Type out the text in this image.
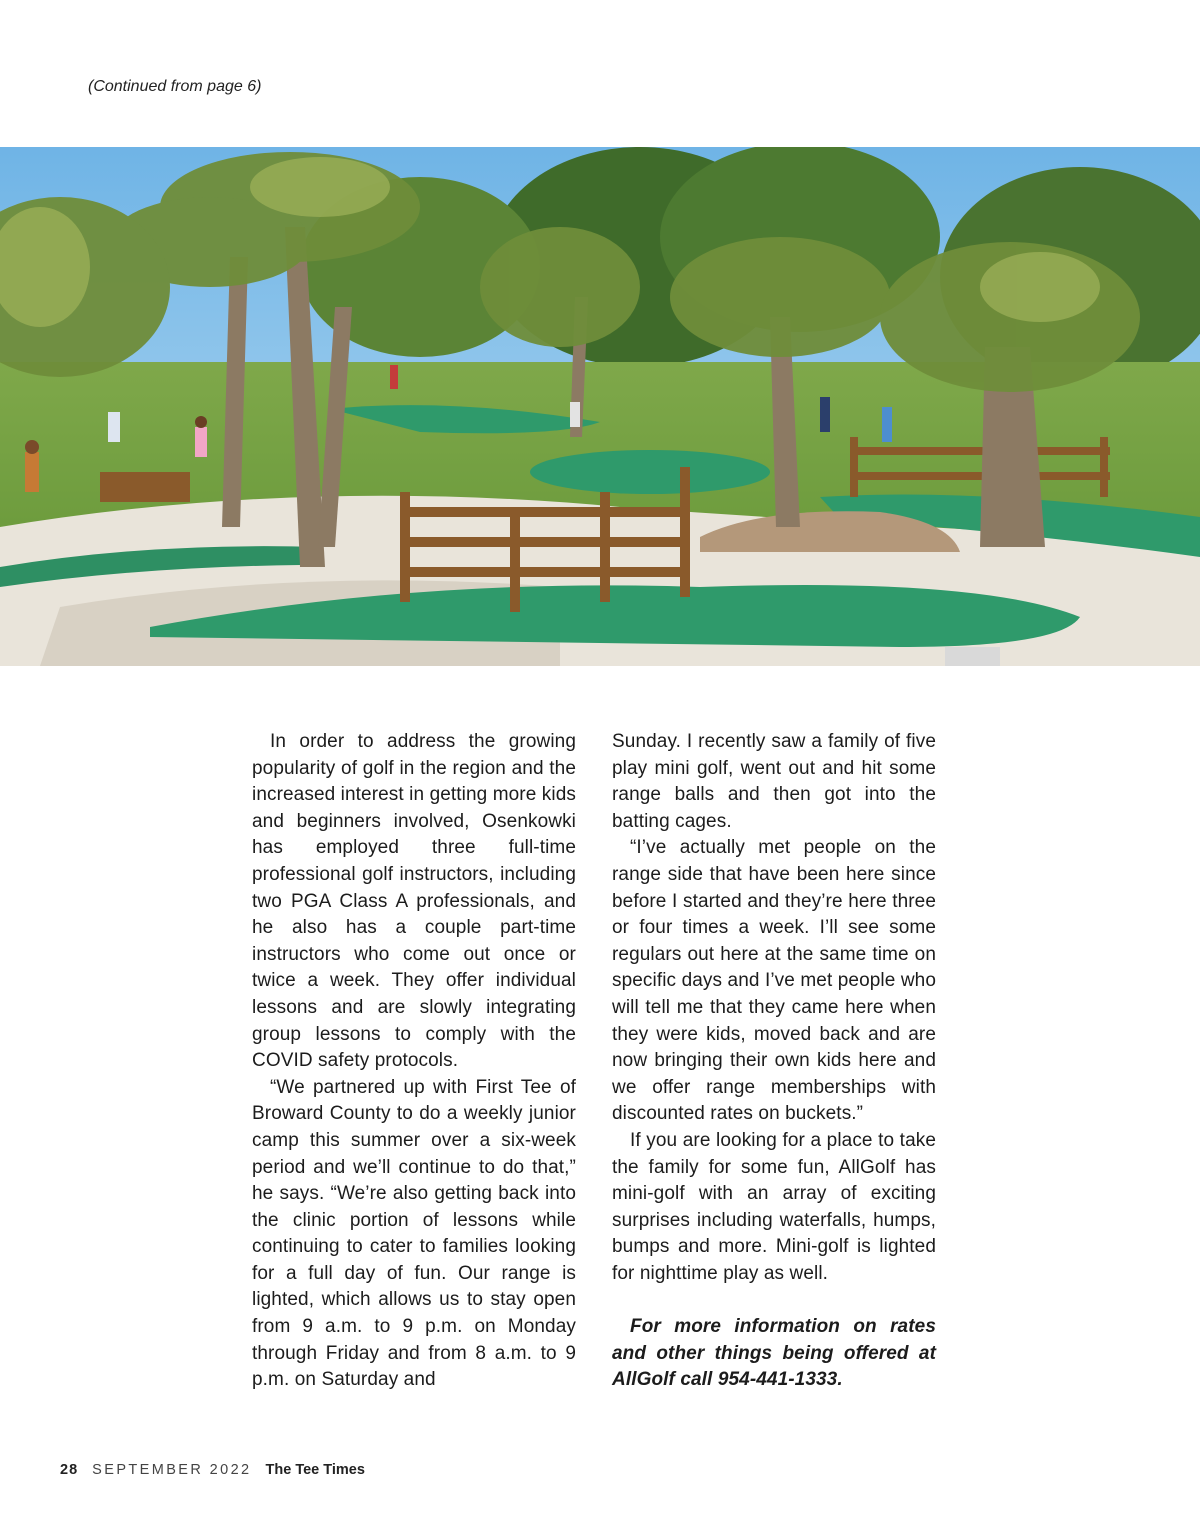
(Continued from page 6)

In order to address the growing popularity of golf in the region and the increased interest in getting more kids and beginners involved, Osenkowki has employed three full-time professional golf instructors, including two PGA Class A professionals, and he also has a couple part-time instructors who come out once or twice a week. They offer individual lessons and are slowly integrating group lessons to comply with the COVID safety protocols.

“We partnered up with First Tee of Broward County to do a weekly junior camp this summer over a six-week period and we’ll continue to do that,” he says. “We’re also getting back into the clinic portion of lessons while continuing to cater to families looking for a full day of fun. Our range is lighted, which allows us to stay open from 9 a.m. to 9 p.m. on Monday through Friday and from 8 a.m. to 9 p.m. on Saturday and

Sunday. I recently saw a family of five play mini golf, went out and hit some range balls and then got into the batting cages.

“I’ve actually met people on the range side that have been here since before I started and they’re here three or four times a week. I’ll see some regulars out here at the same time on specific days and I’ve met people who will tell me that they came here when they were kids, moved back and are now bringing their own kids here and we offer range memberships with discounted rates on buckets.”

If you are looking for a place to take the family for some fun, AllGolf has mini-golf with an array of exciting surprises including waterfalls, humps, bumps and more. Mini-golf is lighted for nighttime play as well.

For more information on rates and other things being offered at AllGolf call 954-441-1333.

28 SEPTEMBER 2022 The Tee Times
